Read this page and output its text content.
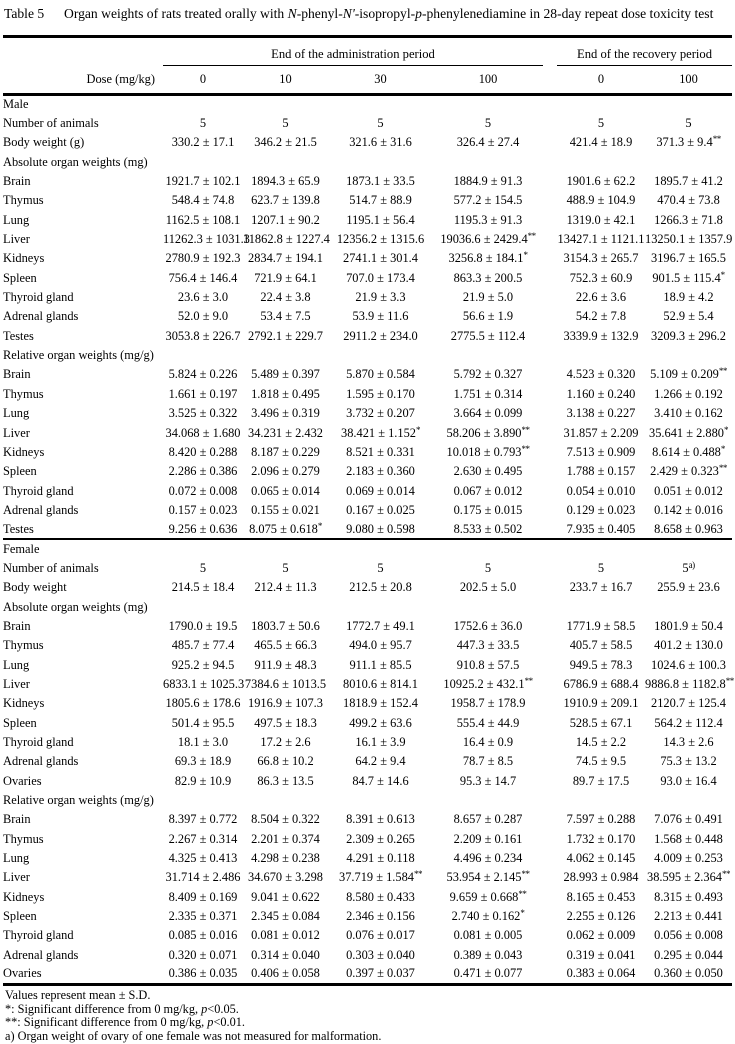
Table 5	Organ weights of rats treated orally with N-phenyl-N'-isopropyl-p-phenylenediamine in 28-day repeat dose toxicity test
	End of the administration period					End of the recovery period	
Dose (mg/kg)	0	10	30	100		0	100
Male							
Number of animals	5	5	5	5		5	5
Body weight (g)	330.2 ± 17.1	346.2 ± 21.5	321.6 ± 31.6	326.4 ± 27.4		421.4 ± 18.9	371.3 ± 9.4**
Absolute organ weights (mg)							
Brain	1921.7 ± 102.1	1894.3 ± 65.9	1873.1 ± 33.5	1884.9 ± 91.3		1901.6 ± 62.2	1895.7 ± 41.2
Thymus	548.4 ± 74.8	623.7 ± 139.8	514.7 ± 88.9	577.2 ± 154.5		488.9 ± 104.9	470.4 ± 73.8
Lung	1162.5 ± 108.1	1207.1 ± 90.2	1195.1 ± 56.4	1195.3 ± 91.3		1319.0 ± 42.1	1266.3 ± 71.8
Liver	11262.3 ± 1031.3	11862.8 ± 1227.4	12356.2 ± 1315.6	19036.6 ± 2429.4**		13427.1 ± 1121.1	13250.1 ± 1357.9
Kidneys	2780.9 ± 192.3	2834.7 ± 194.1	2741.1 ± 301.4	3256.8 ± 184.1*		3154.3 ± 265.7	3196.7 ± 165.5
Spleen	756.4 ± 146.4	721.9 ± 64.1	707.0 ± 173.4	863.3 ± 200.5		752.3 ± 60.9	901.5 ± 115.4*
Thyroid gland	23.6 ± 3.0	22.4 ± 3.8	21.9 ± 3.3	21.9 ± 5.0		22.6 ± 3.6	18.9 ± 4.2
Adrenal glands	52.0 ± 9.0	53.4 ± 7.5	53.9 ± 11.6	56.6 ± 1.9		54.2 ± 7.8	52.9 ± 5.4
Testes	3053.8 ± 226.7	2792.1 ± 229.7	2911.2 ± 234.0	2775.5 ± 112.4		3339.9 ± 132.9	3209.3 ± 296.2
Relative organ weights (mg/g)							
Brain	5.824 ± 0.226	5.489 ± 0.397	5.870 ± 0.584	5.792 ± 0.327		4.523 ± 0.320	5.109 ± 0.209**
Thymus	1.661 ± 0.197	1.818 ± 0.495	1.595 ± 0.170	1.751 ± 0.314		1.160 ± 0.240	1.266 ± 0.192
Lung	3.525 ± 0.322	3.496 ± 0.319	3.732 ± 0.207	3.664 ± 0.099		3.138 ± 0.227	3.410 ± 0.162
Liver	34.068 ± 1.680	34.231 ± 2.432	38.421 ± 1.152*	58.206 ± 3.890**		31.857 ± 2.209	35.641 ± 2.880*
Kidneys	8.420 ± 0.288	8.187 ± 0.229	8.521 ± 0.331	10.018 ± 0.793**		7.513 ± 0.909	8.614 ± 0.488*
Spleen	2.286 ± 0.386	2.096 ± 0.279	2.183 ± 0.360	2.630 ± 0.495		1.788 ± 0.157	2.429 ± 0.323**
Thyroid gland	0.072 ± 0.008	0.065 ± 0.014	0.069 ± 0.014	0.067 ± 0.012		0.054 ± 0.010	0.051 ± 0.012
Adrenal glands	0.157 ± 0.023	0.155 ± 0.021	0.167 ± 0.025	0.175 ± 0.015		0.129 ± 0.023	0.142 ± 0.016
Testes	9.256 ± 0.636	8.075 ± 0.618*	9.080 ± 0.598	8.533 ± 0.502		7.935 ± 0.405	8.658 ± 0.963
Female							
Number of animals	5	5	5	5		5	5$^{a)}$
Body weight	214.5 ± 18.4	212.4 ± 11.3	212.5 ± 20.8	202.5 ± 5.0		233.7 ± 16.7	255.9 ± 23.6
Absolute organ weights (mg)							
Brain	1790.0 ± 19.5	1803.7 ± 50.6	1772.7 ± 49.1	1752.6 ± 36.0		1771.9 ± 58.5	1801.9 ± 50.4
Thymus	485.7 ± 77.4	465.5 ± 66.3	494.0 ± 95.7	447.3 ± 33.5		405.7 ± 58.5	401.2 ± 130.0
Lung	925.2 ± 94.5	911.9 ± 48.3	911.1 ± 85.5	910.8 ± 57.5		949.5 ± 78.3	1024.6 ± 100.3
Liver	6833.1 ± 1025.3	7384.6 ± 1013.5	8010.6 ± 814.1	10925.2 ± 432.1**		6786.9 ± 688.4	9886.8 ± 1182.8**
Kidneys	1805.6 ± 178.6	1916.9 ± 107.3	1818.9 ± 152.4	1958.7 ± 178.9		1910.9 ± 209.1	2120.7 ± 125.4
Spleen	501.4 ± 95.5	497.5 ± 18.3	499.2 ± 63.6	555.4 ± 44.9		528.5 ± 67.1	564.2 ± 112.4
Thyroid gland	18.1 ± 3.0	17.2 ± 2.6	16.1 ± 3.9	16.4 ± 0.9		14.5 ± 2.2	14.3 ± 2.6
Adrenal glands	69.3 ± 18.9	66.8 ± 10.2	64.2 ± 9.4	78.7 ± 8.5		74.5 ± 9.5	75.3 ± 13.2
Ovaries	82.9 ± 10.9	86.3 ± 13.5	84.7 ± 14.6	95.3 ± 14.7		89.7 ± 17.5	93.0 ± 16.4
Relative organ weights (mg/g)							
Brain	8.397 ± 0.772	8.504 ± 0.322	8.391 ± 0.613	8.657 ± 0.287		7.597 ± 0.288	7.076 ± 0.491
Thymus	2.267 ± 0.314	2.201 ± 0.374	2.309 ± 0.265	2.209 ± 0.161		1.732 ± 0.170	1.568 ± 0.448
Lung	4.325 ± 0.413	4.298 ± 0.238	4.291 ± 0.118	4.496 ± 0.234		4.062 ± 0.145	4.009 ± 0.253
Liver	31.714 ± 2.486	34.670 ± 3.298	37.719 ± 1.584**	53.954 ± 2.145**		28.993 ± 0.984	38.595 ± 2.364**
Kidneys	8.409 ± 0.169	9.041 ± 0.622	8.580 ± 0.433	9.659 ± 0.668**		8.165 ± 0.453	8.315 ± 0.493
Spleen	2.335 ± 0.371	2.345 ± 0.084	2.346 ± 0.156	2.740 ± 0.162*		2.255 ± 0.126	2.213 ± 0.441
Thyroid gland	0.085 ± 0.016	0.081 ± 0.012	0.076 ± 0.017	0.081 ± 0.005		0.062 ± 0.009	0.056 ± 0.008
Adrenal glands	0.320 ± 0.071	0.314 ± 0.040	0.303 ± 0.040	0.389 ± 0.043		0.319 ± 0.041	0.295 ± 0.044
Ovaries	0.386 ± 0.035	0.406 ± 0.058	0.397 ± 0.037	0.471 ± 0.077		0.383 ± 0.064	0.360 ± 0.050
Values represent mean ± S.D.
*: Significant difference from 0 mg/kg, p<0.05.
**: Significant difference from 0 mg/kg, p<0.01.
a) Organ weight of ovary of one female was not measured for malformation.
